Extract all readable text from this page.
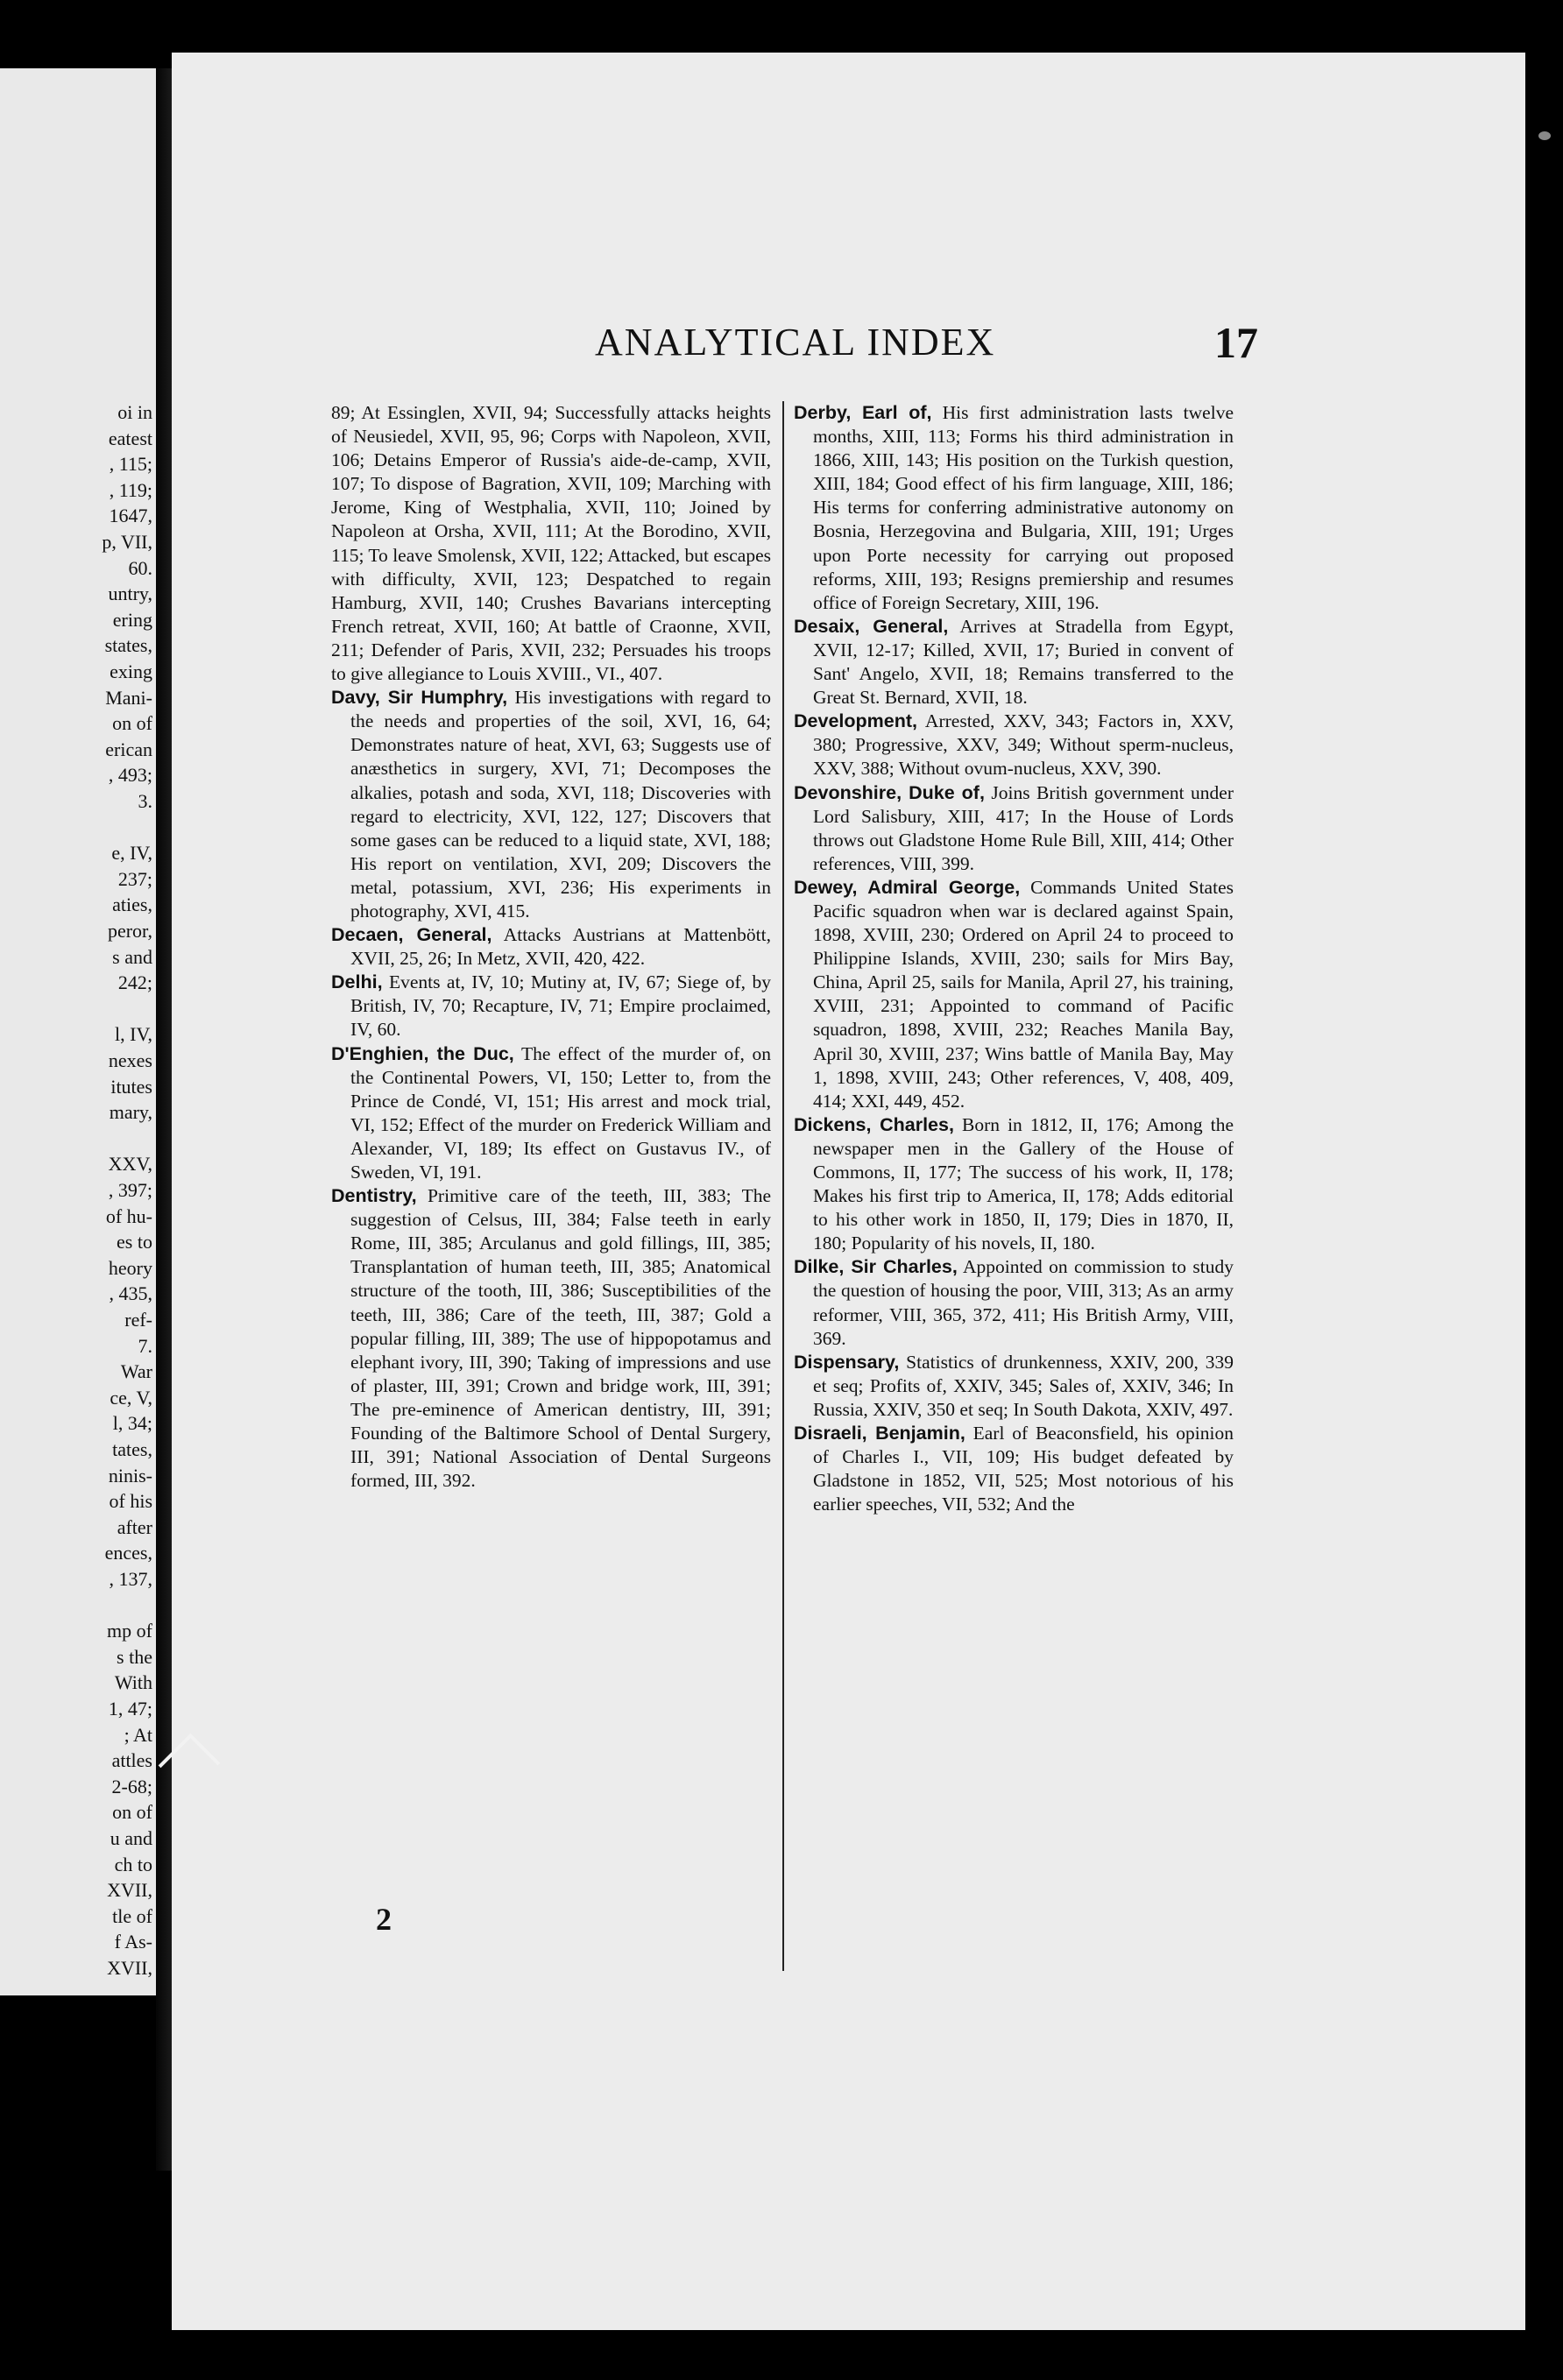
oi in
eatest
, 115;
, 119;
1647,
p, VII,
60.
untry,
ering
states,
exing
Mani-
on of
erican
, 493;
3.
e, IV,
237;
aties,
peror,
s and
242;
l, IV,
nexes
itutes
mary,
XXV,
, 397;
of hu-
es to
heory
, 435,
ref-
7.
War
ce, V,
l, 34;
tates,
ninis-
of his
after
ences,
, 137,
mp of
s the
With
1, 47;
; At
attles
2-68;
on of
u and
ch to
XVII,
tle of
f As-
XVII,
ANALYTICAL INDEX	17

89; At Essinglen, XVII, 94; Successfully attacks heights of Neusiedel, XVII, 95, 96; Corps with Napoleon, XVII, 106; Detains Emperor of Russia's aide-de-camp, XVII, 107; To dispose of Bagration, XVII, 109; Marching with Jerome, King of Westphalia, XVII, 110; Joined by Napoleon at Orsha, XVII, 111; At the Borodino, XVII, 115; To leave Smolensk, XVII, 122; Attacked, but escapes with difficulty, XVII, 123; Despatched to regain Hamburg, XVII, 140; Crushes Bavarians intercepting French retreat, XVII, 160; At battle of Craonne, XVII, 211; Defender of Paris, XVII, 232; Persuades his troops to give allegiance to Louis XVIII., VI., 407.

Davy, Sir Humphry, His investigations with regard to the needs and properties of the soil, XVI, 16, 64; Demonstrates nature of heat, XVI, 63; Suggests use of anæsthetics in surgery, XVI, 71; Decomposes the alkalies, potash and soda, XVI, 118; Discoveries with regard to electricity, XVI, 122, 127; Discovers that some gases can be reduced to a liquid state, XVI, 188; His report on ventilation, XVI, 209; Discovers the metal, potassium, XVI, 236; His experiments in photography, XVI, 415.

Decaen, General, Attacks Austrians at Mattenbött, XVII, 25, 26; In Metz, XVII, 420, 422.

Delhi, Events at, IV, 10; Mutiny at, IV, 67; Siege of, by British, IV, 70; Recapture, IV, 71; Empire proclaimed, IV, 60.

D'Enghien, the Duc, The effect of the murder of, on the Continental Powers, VI, 150; Letter to, from the Prince de Condé, VI, 151; His arrest and mock trial, VI, 152; Effect of the murder on Frederick William and Alexander, VI, 189; Its effect on Gustavus IV., of Sweden, VI, 191.

Dentistry, Primitive care of the teeth, III, 383; The suggestion of Celsus, III, 384; False teeth in early Rome, III, 385; Arculanus and gold fillings, III, 385; Transplantation of human teeth, III, 385; Anatomical structure of the tooth, III, 386; Susceptibilities of the teeth, III, 386; Care of the teeth, III, 387; Gold a popular filling, III, 389; The use of hippopotamus and elephant ivory, III, 390; Taking of impressions and use of plaster, III, 391; Crown and bridge work, III, 391; The pre-eminence of American dentistry, III, 391; Founding of the Baltimore School of Dental Surgery, III, 391; National Association of Dental Surgeons formed, III, 392.

Derby, Earl of, His first administration lasts twelve months, XIII, 113; Forms his third administration in 1866, XIII, 143; His position on the Turkish question, XIII, 184; Good effect of his firm language, XIII, 186; His terms for conferring administrative autonomy on Bosnia, Herzegovina and Bulgaria, XIII, 191; Urges upon Porte necessity for carrying out proposed reforms, XIII, 193; Resigns premiership and resumes office of Foreign Secretary, XIII, 196.

Desaix, General, Arrives at Stradella from Egypt, XVII, 12-17; Killed, XVII, 17; Buried in convent of Sant' Angelo, XVII, 18; Remains transferred to the Great St. Bernard, XVII, 18.

Development, Arrested, XXV, 343; Factors in, XXV, 380; Progressive, XXV, 349; Without sperm-nucleus, XXV, 388; Without ovum-nucleus, XXV, 390.

Devonshire, Duke of, Joins British government under Lord Salisbury, XIII, 417; In the House of Lords throws out Gladstone Home Rule Bill, XIII, 414; Other references, VIII, 399.

Dewey, Admiral George, Commands United States Pacific squadron when war is declared against Spain, 1898, XVIII, 230; Ordered on April 24 to proceed to Philippine Islands, XVIII, 230; sails for Mirs Bay, China, April 25, sails for Manila, April 27, his training, XVIII, 231; Appointed to command of Pacific squadron, 1898, XVIII, 232; Reaches Manila Bay, April 30, XVIII, 237; Wins battle of Manila Bay, May 1, 1898, XVIII, 243; Other references, V, 408, 409, 414; XXI, 449, 452.

Dickens, Charles, Born in 1812, II, 176; Among the newspaper men in the Gallery of the House of Commons, II, 177; The success of his work, II, 178; Makes his first trip to America, II, 178; Adds editorial to his other work in 1850, II, 179; Dies in 1870, II, 180; Popularity of his novels, II, 180.

Dilke, Sir Charles, Appointed on commission to study the question of housing the poor, VIII, 313; As an army reformer, VIII, 365, 372, 411; His British Army, VIII, 369.

Dispensary, Statistics of drunkenness, XXIV, 200, 339 et seq; Profits of, XXIV, 345; Sales of, XXIV, 346; In Russia, XXIV, 350 et seq; In South Dakota, XXIV, 497.

Disraeli, Benjamin, Earl of Beaconsfield, his opinion of Charles I., VII, 109; His budget defeated by Gladstone in 1852, VII, 525; Most notorious of his earlier speeches, VII, 532; And the

2
